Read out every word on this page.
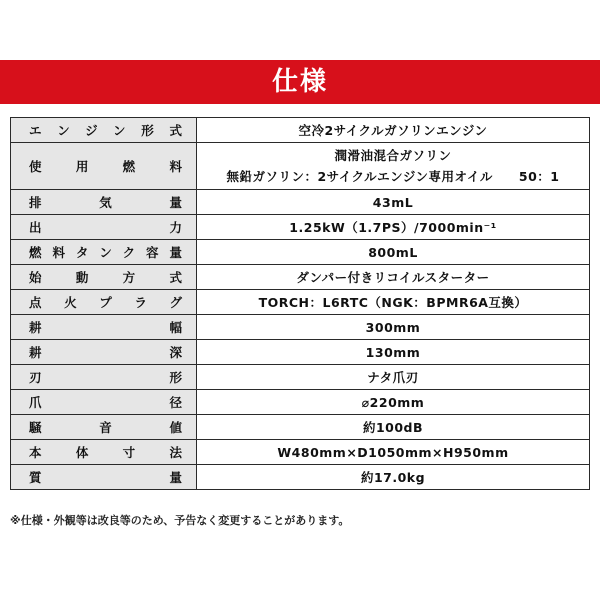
仕様
エンジン形式	空冷2サイクルガソリンエンジン

使用燃料	潤滑油混合ガソリン
無鉛ガソリン：2サイクルエンジン専用オイル　　50：1

排気量	43mL

出力	1.25kW（1.7PS）/7000min⁻¹

燃料タンク容量	800mL

始動方式	ダンパー付きリコイルスターター

点火プラグ	TORCH：L6RTC（NGK：BPMR6A互換）

耕幅	300mm

耕深	130mm

刃形	ナタ爪刃

爪径	⌀220mm

騒音値	約100dB

本体寸法	W480mm×D1050mm×H950mm

質量	約17.0kg
※仕様・外観等は改良等のため、予告なく変更することがあります。
